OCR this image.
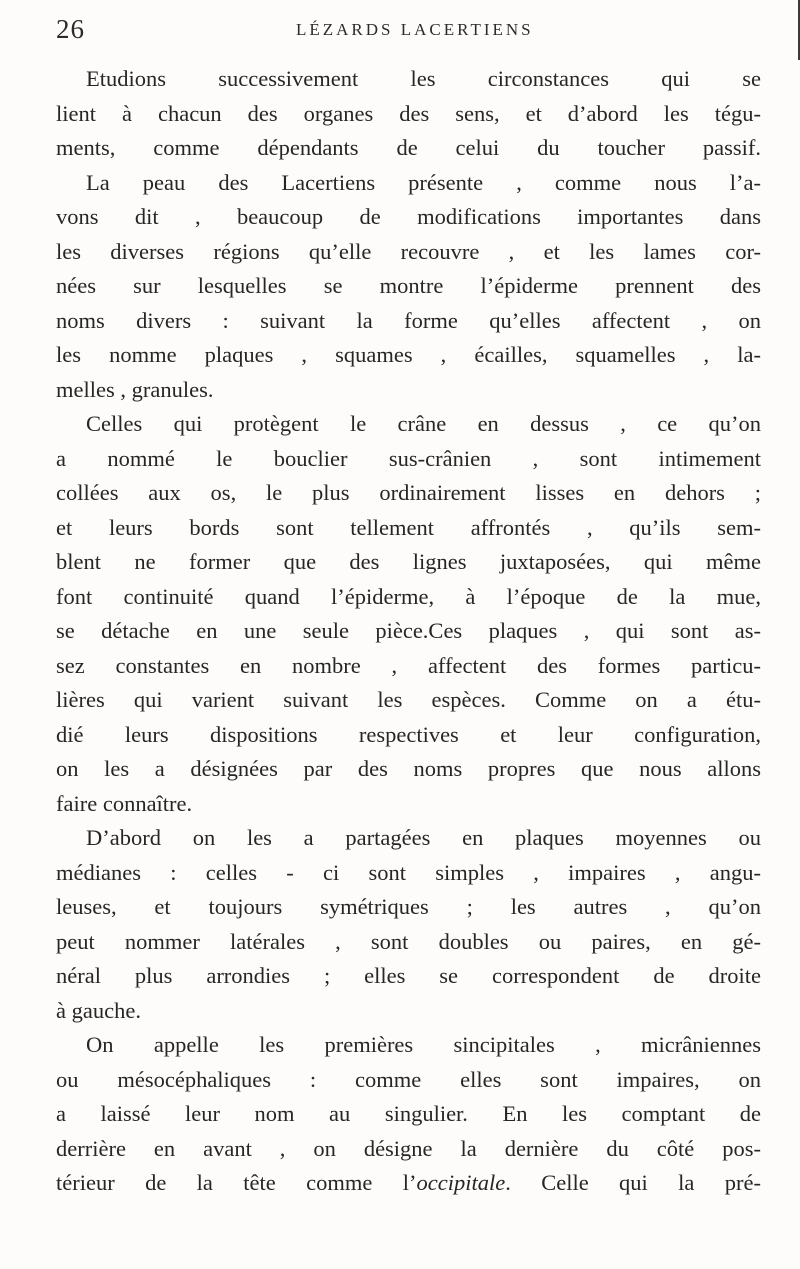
26	LÉZARDS LACERTIENS
Etudions successivement les circonstances qui se
lient à chacun des organes des sens, et d’abord les tégu-
ments, comme dépendants de celui du toucher passif.
La peau des Lacertiens présente , comme nous l’a-
vons dit , beaucoup de modifications importantes dans
les diverses régions qu’elle recouvre , et les lames cor-
nées sur lesquelles se montre l’épiderme prennent des
noms divers : suivant la forme qu’elles affectent , on
les nomme plaques , squames , écailles, squamelles , la-
melles , granules.
Celles qui protègent le crâne en dessus , ce qu’on
a nommé le bouclier sus-crânien , sont intimement
collées aux os, le plus ordinairement lisses en dehors ;
et leurs bords sont tellement affrontés , qu’ils sem-
blent ne former que des lignes juxtaposées, qui même
font continuité quand l’épiderme, à l’époque de la mue,
se détache en une seule pièce.Ces plaques , qui sont as-
sez constantes en nombre , affectent des formes particu-
lières qui varient suivant les espèces. Comme on a étu-
dié leurs dispositions respectives et leur configuration,
on les a désignées par des noms propres que nous allons
faire connaître.
D’abord on les a partagées en plaques moyennes ou
médianes : celles - ci sont simples , impaires , angu-
leuses, et toujours symétriques ; les autres , qu’on
peut nommer latérales , sont doubles ou paires, en gé-
néral plus arrondies ; elles se correspondent de droite
à gauche.
On appelle les premières sincipitales , micrâniennes
ou mésocéphaliques : comme elles sont impaires, on
a laissé leur nom au singulier. En les comptant de
derrière en avant , on désigne la dernière du côté pos-
térieur de la tête comme l’occipitale. Celle qui la pré-
